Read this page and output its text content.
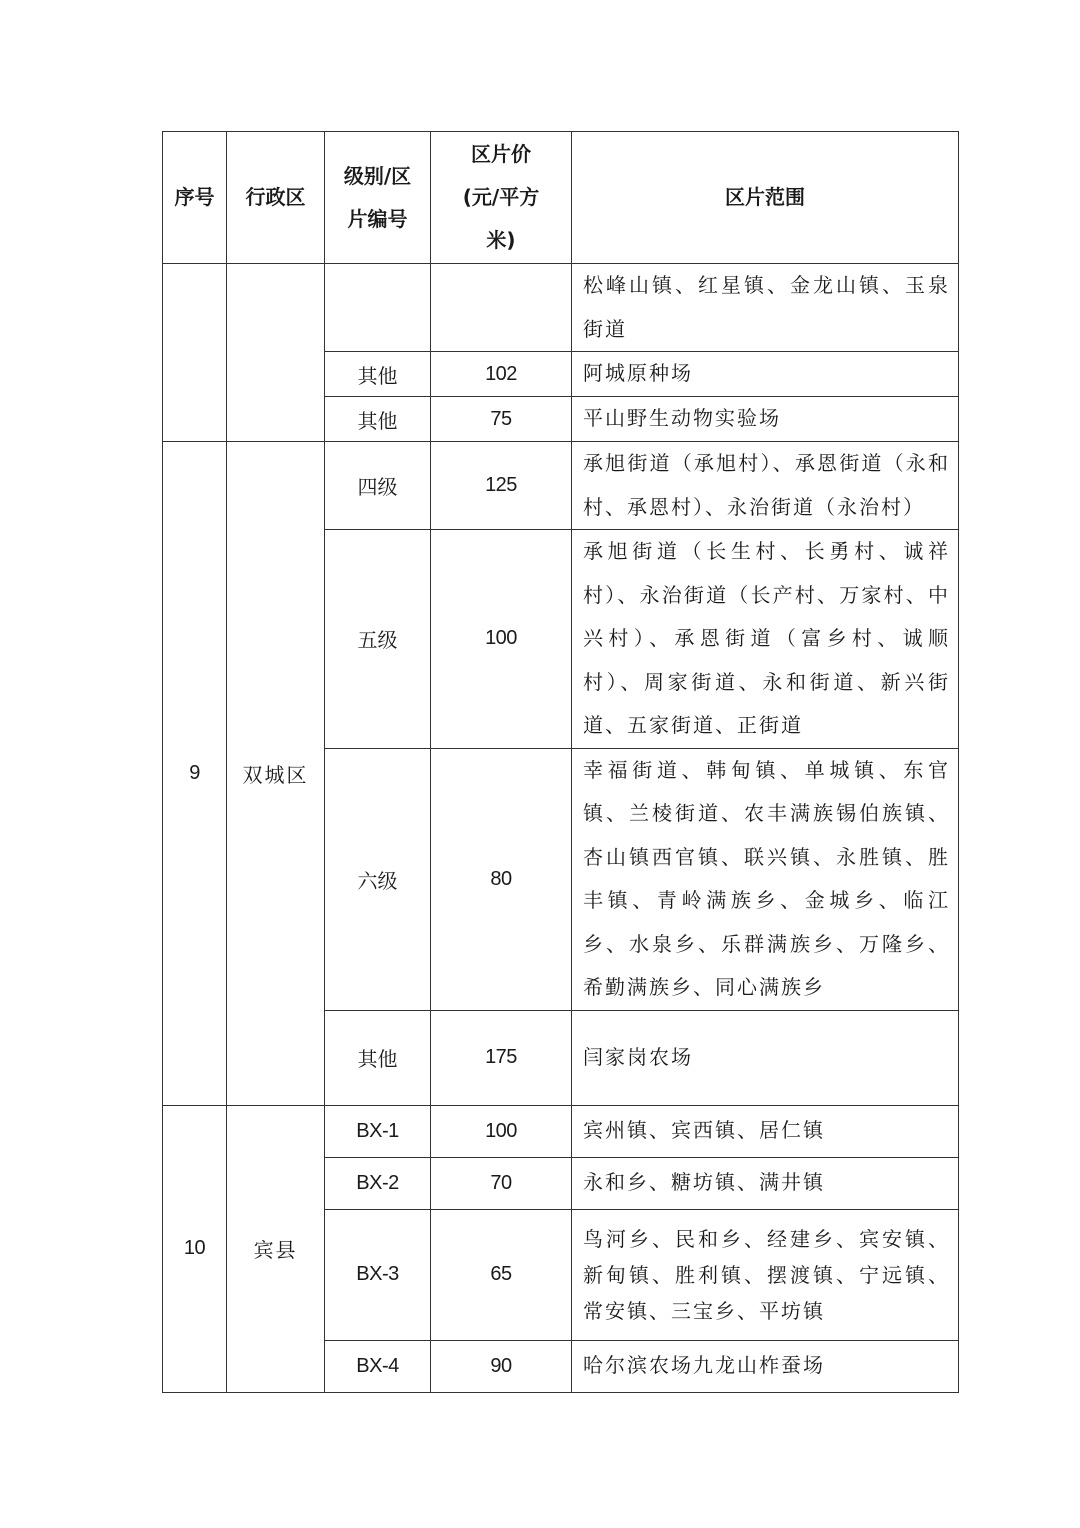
序号	行政区	级别/区片编号	区片价(元/平方米)	区片范围
				松峰山镇、红星镇、金龙山镇、玉泉街道
		其他	102	阿城原种场
		其他	75	平山野生动物实验场
9	双城区	四级	125	承旭街道（承旭村）、承恩街道（永和村、承恩村）、永治街道（永治村）
		五级	100	承旭街道（长生村、长勇村、诚祥村）、永治街道（长产村、万家村、中兴村）、承恩街道（富乡村、诚顺村）、周家街道、永和街道、新兴街道、五家街道、正街道
		六级	80	幸福街道、韩甸镇、单城镇、东官镇、兰棱街道、农丰满族锡伯族镇、杏山镇西官镇、联兴镇、永胜镇、胜丰镇、青岭满族乡、金城乡、临江乡、水泉乡、乐群满族乡、万隆乡、希勤满族乡、同心满族乡
		其他	175	闫家岗农场
10	宾县	BX-1	100	宾州镇、宾西镇、居仁镇
		BX-2	70	永和乡、糖坊镇、满井镇
		BX-3	65	鸟河乡、民和乡、经建乡、宾安镇、新甸镇、胜利镇、摆渡镇、宁远镇、常安镇、三宝乡、平坊镇
		BX-4	90	哈尔滨农场九龙山柞蚕场
